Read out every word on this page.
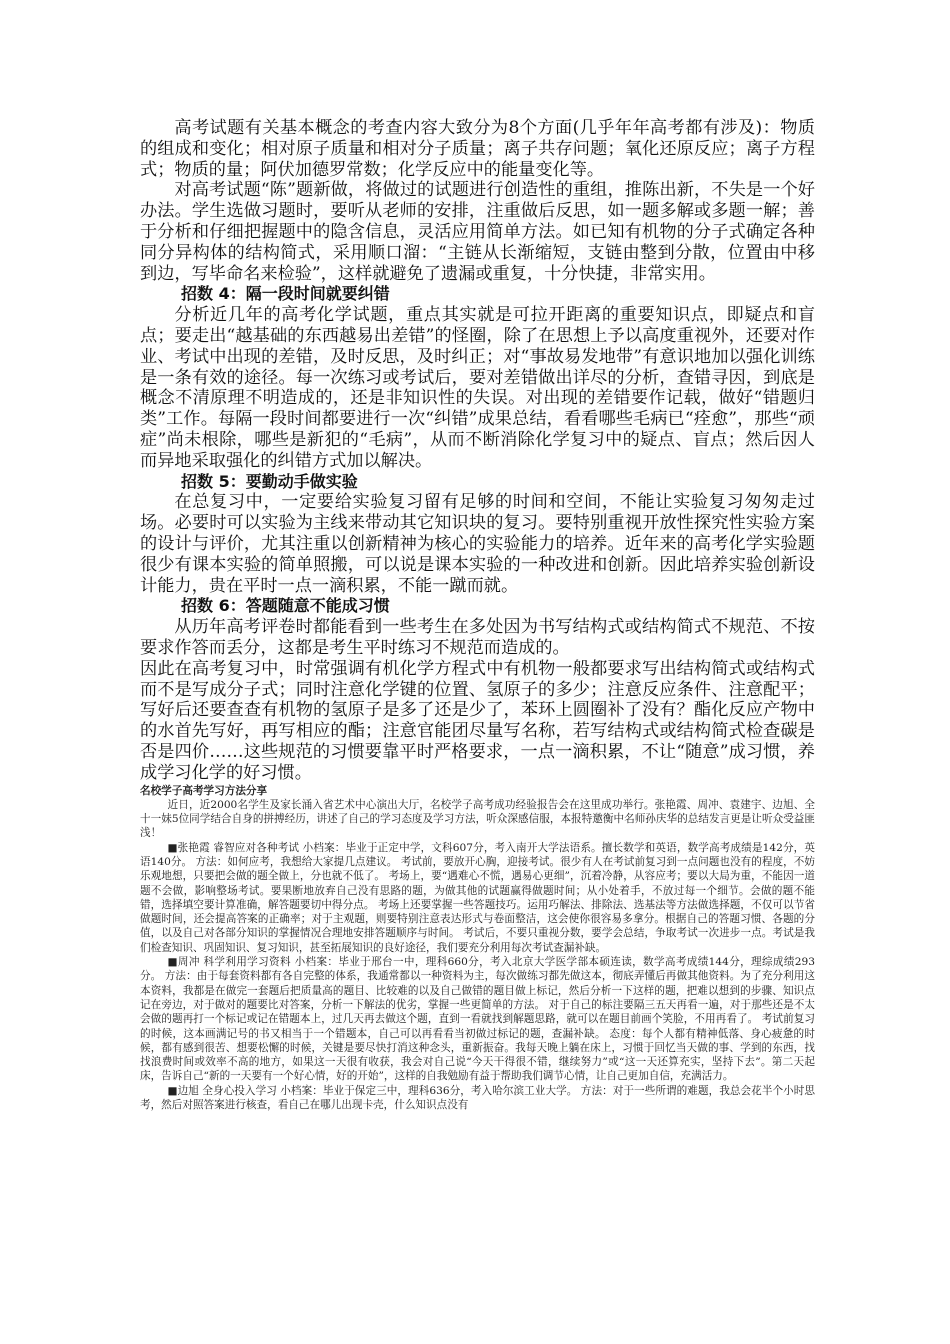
高考试题有关基本概念的考查内容大致分为8个方面(几乎年年高考都有涉及)：物质的组成和变化；相对原子质量和相对分子质量；离子共存问题；氧化还原反应；离子方程式；物质的量；阿伏加德罗常数；化学反应中的能量变化等。

对高考试题“陈”题新做，将做过的试题进行创造性的重组，推陈出新，不失是一个好办法。学生选做习题时，要听从老师的安排，注重做后反思，如一题多解或多题一解；善于分析和仔细把握题中的隐含信息，灵活应用简单方法。如已知有机物的分子式确定各种同分异构体的结构简式，采用顺口溜：“主链从长渐缩短，支链由整到分散，位置由中移到边，写毕命名来检验”，这样就避免了遗漏或重复，十分快捷，非常实用。

招数 4：隔一段时间就要纠错

分析近几年的高考化学试题，重点其实就是可拉开距离的重要知识点，即疑点和盲点；要走出“越基础的东西越易出差错”的怪圈，除了在思想上予以高度重视外，还要对作业、考试中出现的差错，及时反思，及时纠正；对“事故易发地带”有意识地加以强化训练是一条有效的途径。每一次练习或考试后，要对差错做出详尽的分析，查错寻因，到底是概念不清原理不明造成的，还是非知识性的失误。对出现的差错要作记载，做好“错题归类”工作。每隔一段时间都要进行一次“纠错”成果总结，看看哪些毛病已“痊愈”，那些“顽症”尚未根除，哪些是新犯的“毛病”，从而不断消除化学复习中的疑点、盲点；然后因人而异地采取强化的纠错方式加以解决。

招数 5：要勤动手做实验

在总复习中，一定要给实验复习留有足够的时间和空间，不能让实验复习匆匆走过场。必要时可以实验为主线来带动其它知识块的复习。要特别重视开放性探究性实验方案的设计与评价，尤其注重以创新精神为核心的实验能力的培养。近年来的高考化学实验题很少有课本实验的简单照搬，可以说是课本实验的一种改进和创新。因此培养实验创新设计能力，贵在平时一点一滴积累，不能一蹴而就。

招数 6：答题随意不能成习惯

从历年高考评卷时都能看到一些考生在多处因为书写结构式或结构简式不规范、不按要求作答而丢分，这都是考生平时练习不规范而造成的。

因此在高考复习中，时常强调有机化学方程式中有机物一般都要求写出结构简式或结构式而不是写成分子式；同时注意化学键的位置、氢原子的多少；注意反应条件、注意配平；写好后还要查查有机物的氢原子是多了还是少了，苯环上圆圈补了没有？酯化反应产物中的水首先写好，再写相应的酯；注意官能团尽量写名称，若写结构式或结构简式检查碳是否是四价……这些规范的习惯要靠平时严格要求，一点一滴积累，不让“随意”成习惯，养成学习化学的好习惯。

名校学子高考学习方法分享

近日，近2000名学生及家长涌入省艺术中心演出大厅，名校学子高考成功经验报告会在这里成功举行。张艳霞、周冲、袁建宇、边旭、全十一妹5位同学结合自身的拼搏经历，讲述了自己的学习态度及学习方法，听众深感信服，本报特邀衡中名师孙庆华的总结发言更是让听众受益匪浅！

■张艳霞 睿智应对各种考试 小档案：毕业于正定中学，文科607分，考入南开大学法语系。擅长数学和英语，数学高考成绩是142分，英语140分。 方法：如何应考，我想给大家提几点建议。 考试前，要放开心胸，迎接考试。很少有人在考试前复习到一点问题也没有的程度，不妨乐观地想，只要把会做的题全做上，分也就不低了。 考场上，要“遇难心不慌，遇易心更细”，沉着冷静，从容应考；要以大局为重，不能因一道题不会做，影响整场考试。要果断地放弃自己没有思路的题，为做其他的试题赢得做题时间；从小处着手，不放过每一个细节。会做的题不能错，选择填空要计算准确，解答题要切中得分点。 考场上还要掌握一些答题技巧。运用巧解法、排除法、选基法等方法做选择题，不仅可以节省做题时间，还会提高答案的正确率；对于主观题，则要特别注意表达形式与卷面整洁，这会使你很容易多拿分。根据自己的答题习惯、各题的分值，以及自己对各部分知识的掌握情况合理地安排答题顺序与时间。 考试后，不要只重视分数，要学会总结，争取考试一次进步一点。考试是我们检查知识、巩固知识、复习知识，甚至拓展知识的良好途径，我们要充分利用每次考试查漏补缺。

■周冲 科学利用学习资料 小档案：毕业于邢台一中，理科660分，考入北京大学医学部本硕连读，数学高考成绩144分，理综成绩293分。 方法：由于每套资料都有各自完整的体系，我通常都以一种资料为主，每次做练习都先做这本，彻底弄懂后再做其他资料。为了充分利用这本资料，我都是在做完一套题后把质量高的题目、比较难的以及自己做错的题目做上标记，然后分析一下这样的题，把难以想到的步骤、知识点记在旁边，对于做对的题要比对答案，分析一下解法的优劣，掌握一些更简单的方法。 对于自己的标注要隔三五天再看一遍，对于那些还是不太会做的题再打一个标记或记在错题本上，过几天再去做这个题，直到一看就找到解题思路，就可以在题目前画个笑脸，不用再看了。 考试前复习的时候，这本画满记号的书又相当于一个错题本，自己可以再看看当初做过标记的题，查漏补缺。 态度：每个人都有精神低落、身心疲惫的时候，都有感到很苦、想要松懈的时候，关键是要尽快打消这种念头，重新振奋。我每天晚上躺在床上，习惯于回忆当天做的事、学到的东西，找找浪费时间或效率不高的地方，如果这一天很有收获，我会对自己说“今天干得很不错，继续努力”或“这一天还算充实，坚持下去”。第二天起床，告诉自己“新的一天要有一个好心情，好的开始”，这样的自我勉励有益于帮助我们调节心情，让自己更加自信，充满活力。

■边旭 全身心投入学习 小档案：毕业于保定三中，理科636分，考入哈尔滨工业大学。 方法：对于一些所谓的难题，我总会花半个小时思考，然后对照答案进行核查，看自己在哪儿出现卡壳，什么知识点没有
